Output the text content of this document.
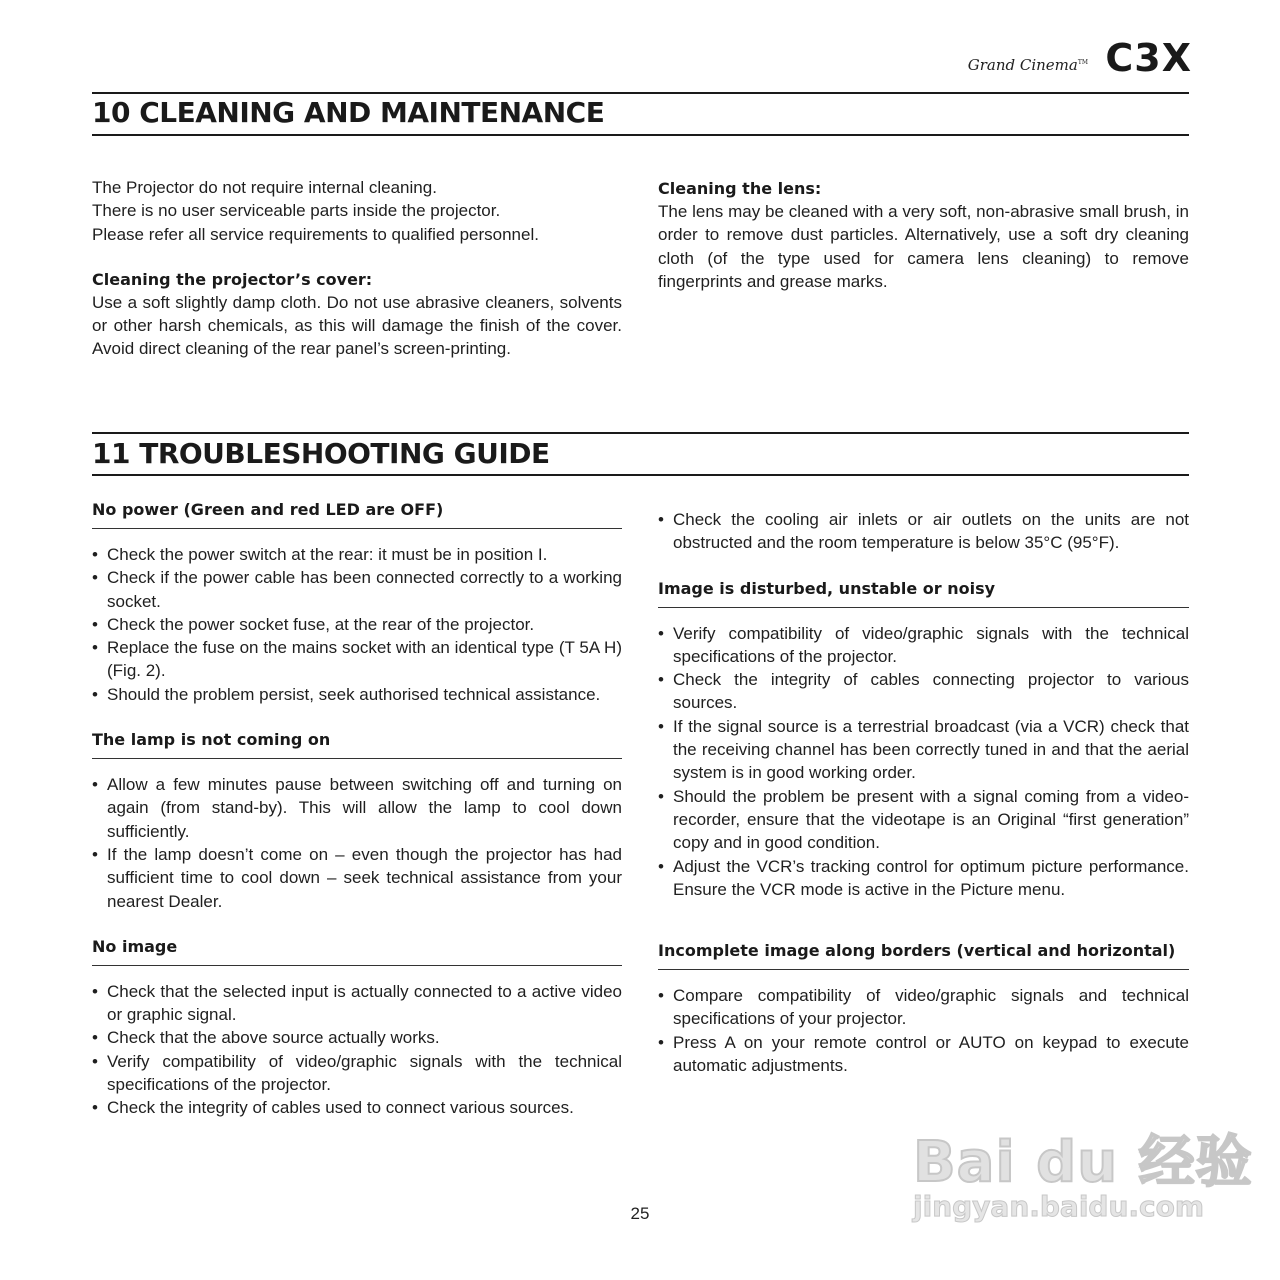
Grand Cinema™ C3X
10 CLEANING AND MAINTENANCE

The Projector do not require internal cleaning.

There is no user serviceable parts inside the projector.

Please refer all service requirements to qualified personnel.

Cleaning the projector’s cover:

Use a soft slightly damp cloth. Do not use abrasive cleaners, solvents or other harsh chemicals, as this will damage the finish of the cover. Avoid direct cleaning of the rear panel’s screen-printing.

Cleaning the lens:

The lens may be cleaned with a very soft, non-abrasive small brush, in order to remove dust particles. Alternatively, use a soft dry cleaning cloth (of the type used for camera lens cleaning) to remove fingerprints and grease marks.

11 TROUBLESHOOTING GUIDE
No power (Green and red LED are OFF)
• Check the power switch at the rear: it must be in position I.
• Check if the power cable has been connected correctly to a working socket.
• Check the power socket fuse, at the rear of the projector.
• Replace the fuse on the mains socket with an identical type (T 5A H) (Fig. 2).
• Should the problem persist, seek authorised technical assistance.
The lamp is not coming on
• Allow a few minutes pause between switching off and turning on again (from stand-by). This will allow the lamp to cool down sufficiently.
• If the lamp doesn’t come on – even though the projector has had sufficient time to cool down – seek technical assistance from your nearest Dealer.
No image
• Check that the selected input is actually connected to a active video or graphic signal.
• Check that the above source actually works.
• Verify compatibility of video/graphic signals with the technical specifications of the projector.
• Check the integrity of cables used to connect various sources.
• Check the cooling air inlets or air outlets on the units are not obstructed and the room temperature is below 35°C (95°F).
Image is disturbed, unstable or noisy
• Verify compatibility of video/graphic signals with the technical specifications of the projector.
• Check the integrity of cables connecting projector to various sources.
• If the signal source is a terrestrial broadcast (via a VCR) check that the receiving channel has been correctly tuned in and that the aerial system is in good working order.
• Should the problem be present with a signal coming from a video-recorder, ensure that the videotape is an Original “first generation” copy and in good condition.
• Adjust the VCR’s tracking control for optimum picture performance. Ensure the VCR mode is active in the Picture menu.
Incomplete image along borders (vertical and horizontal)
• Compare compatibility of video/graphic signals and technical specifications of your projector.
• Press A on your remote control or AUTO on keypad to execute automatic adjustments.
25
Bai du 经验
jingyan.baidu.com
